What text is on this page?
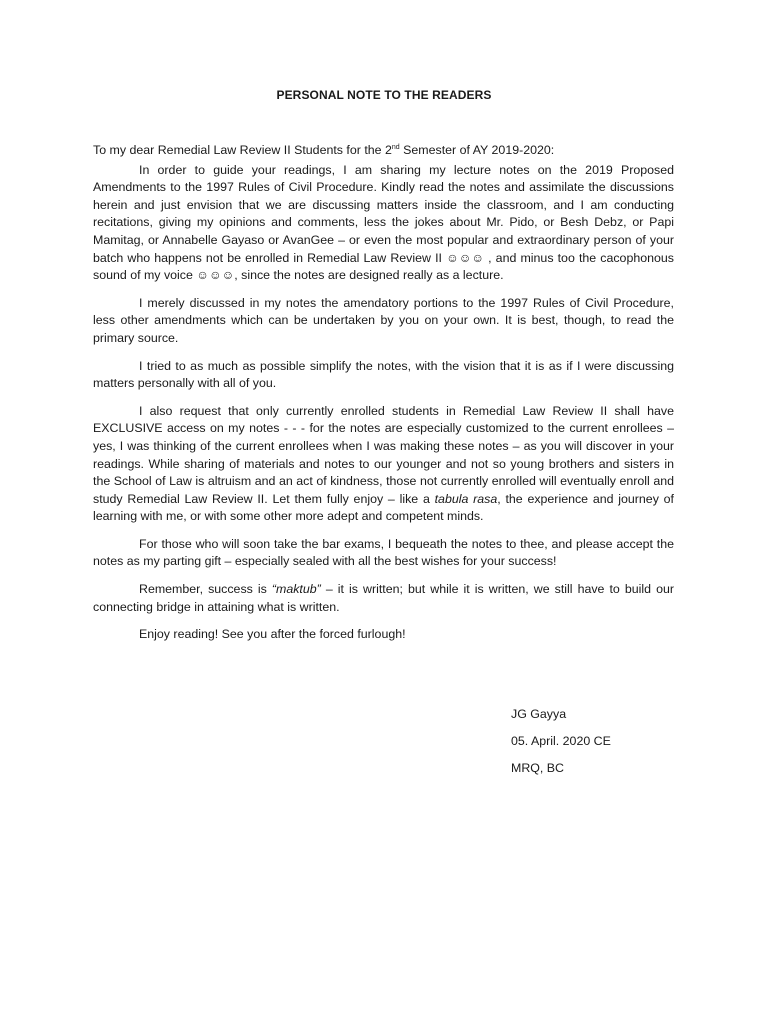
PERSONAL NOTE TO THE READERS

To my dear Remedial Law Review II Students for the 2nd Semester of AY 2019-2020:

In order to guide your readings, I am sharing my lecture notes on the 2019 Proposed Amendments to the 1997 Rules of Civil Procedure. Kindly read the notes and assimilate the discussions herein and just envision that we are discussing matters inside the classroom, and I am conducting recitations, giving my opinions and comments, less the jokes about Mr. Pido, or Besh Debz, or Papi Mamitag, or Annabelle Gayaso or AvanGee – or even the most popular and extraordinary person of your batch who happens not be enrolled in Remedial Law Review II ☺☺☺ , and minus too the cacophonous sound of my voice ☺☺☺, since the notes are designed really as a lecture.

I merely discussed in my notes the amendatory portions to the 1997 Rules of Civil Procedure, less other amendments which can be undertaken by you on your own. It is best, though, to read the primary source.

I tried to as much as possible simplify the notes, with the vision that it is as if I were discussing matters personally with all of you.

I also request that only currently enrolled students in Remedial Law Review II shall have EXCLUSIVE access on my notes - - - for the notes are especially customized to the current enrollees – yes, I was thinking of the current enrollees when I was making these notes – as you will discover in your readings. While sharing of materials and notes to our younger and not so young brothers and sisters in the School of Law is altruism and an act of kindness, those not currently enrolled will eventually enroll and study Remedial Law Review II. Let them fully enjoy – like a tabula rasa, the experience and journey of learning with me, or with some other more adept and competent minds.

For those who will soon take the bar exams, I bequeath the notes to thee, and please accept the notes as my parting gift – especially sealed with all the best wishes for your success!

Remember, success is “maktub” – it is written; but while it is written, we still have to build our connecting bridge in attaining what is written.

Enjoy reading! See you after the forced furlough!

JG Gayya
05. April. 2020 CE
MRQ, BC
